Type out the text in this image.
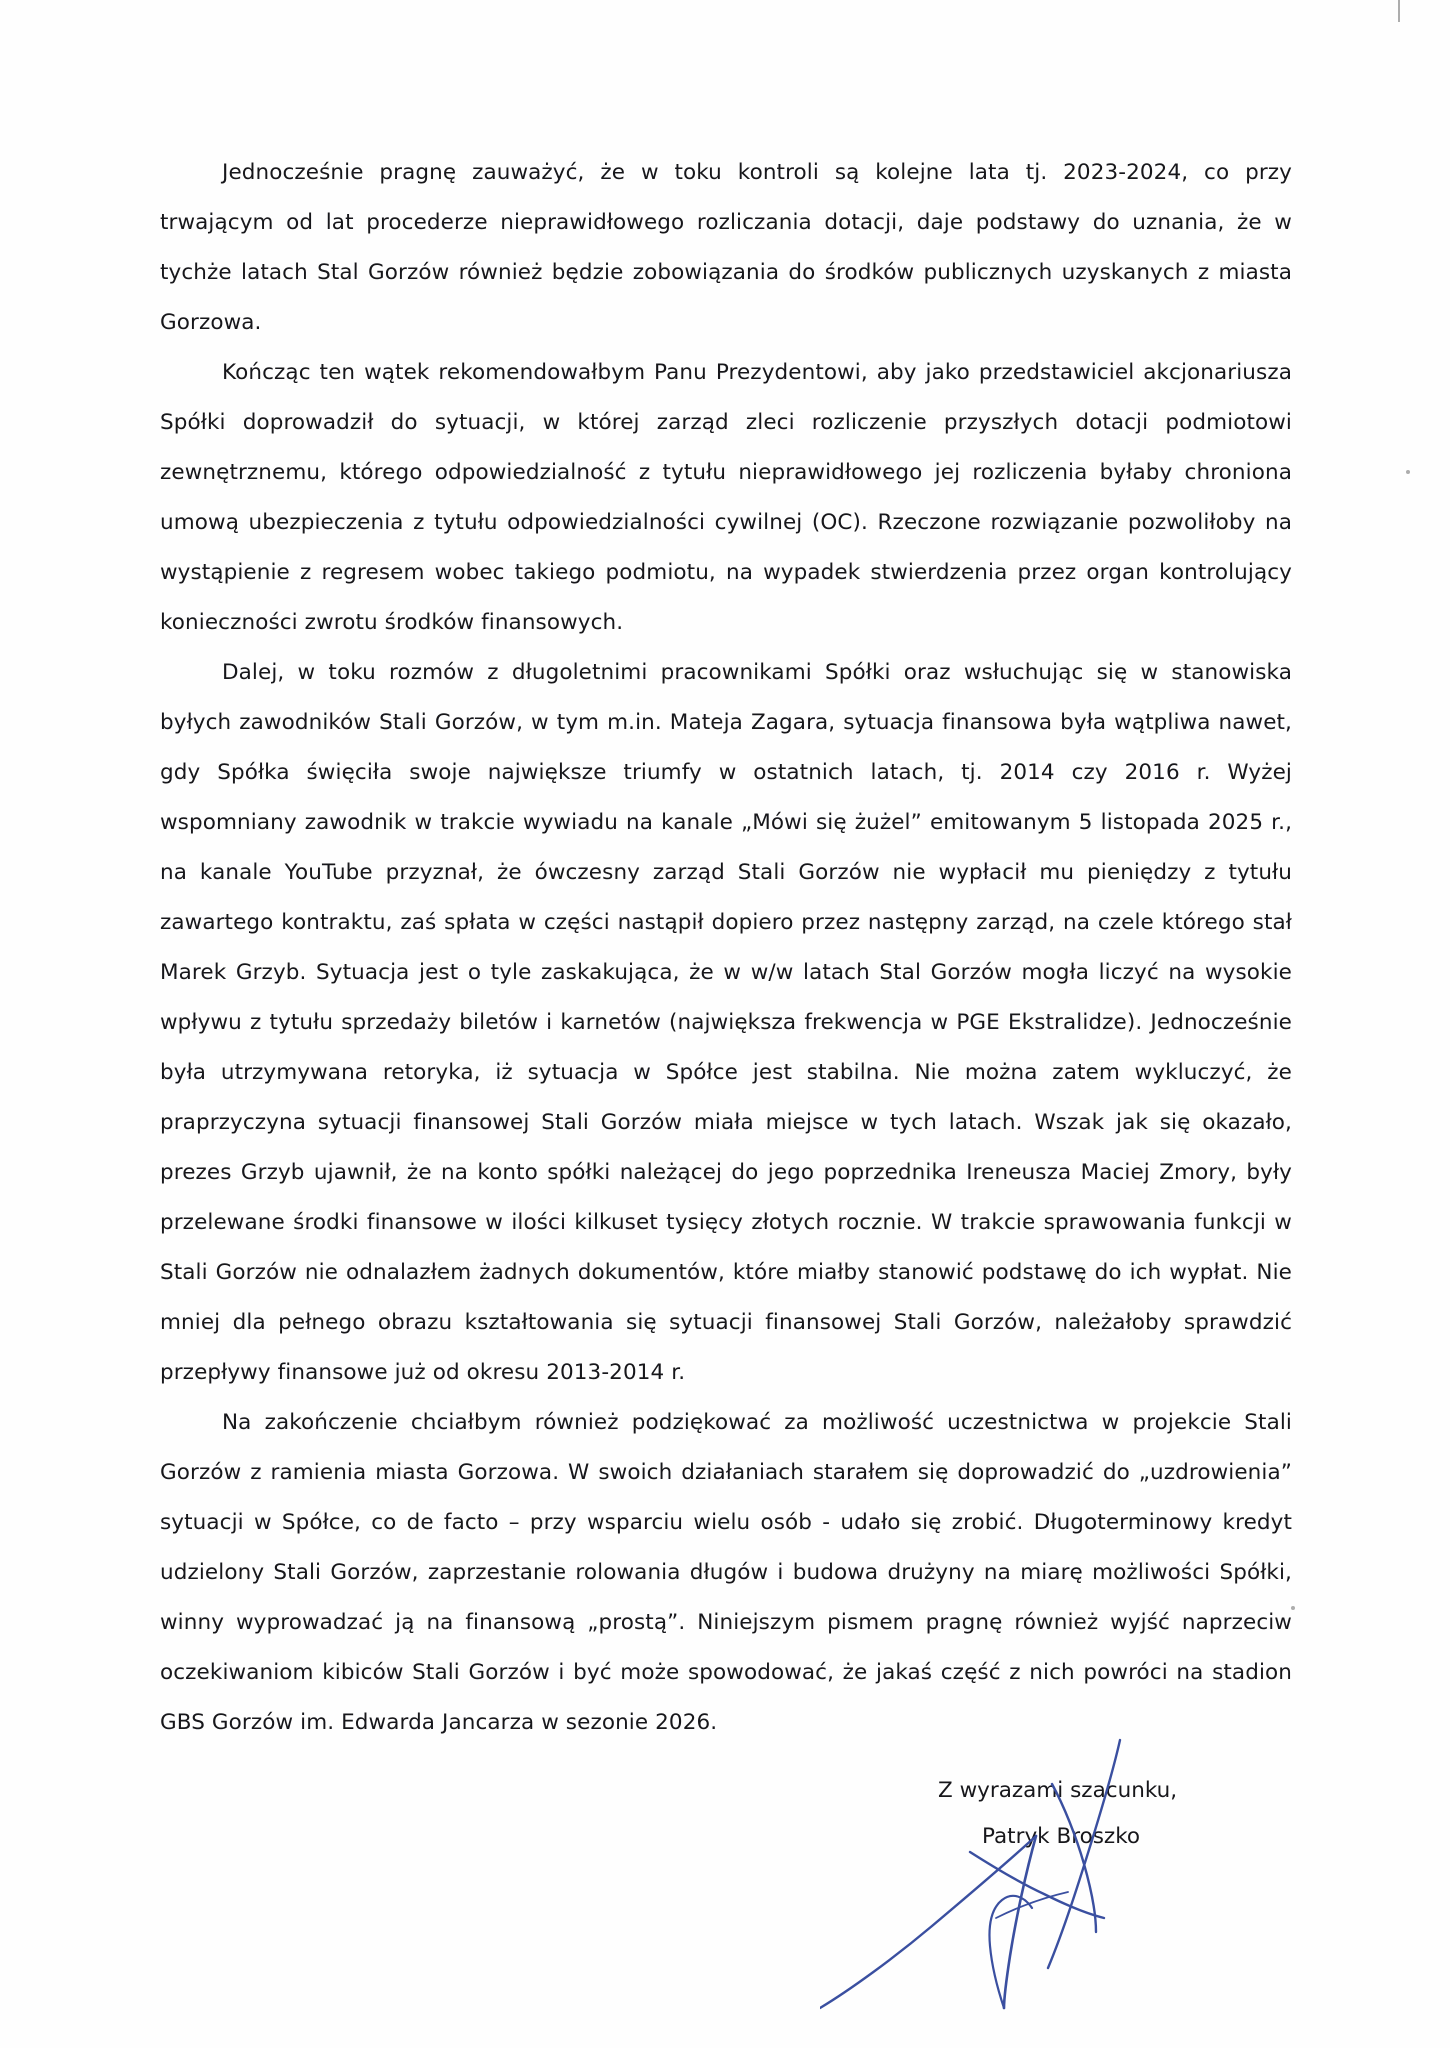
Jednocześnie pragnę zauważyć, że w toku kontroli są kolejne lata tj. 2023-2024, co przy trwającym od lat procederze nieprawidłowego rozliczania dotacji, daje podstawy do uznania, że w tychże latach Stal Gorzów również będzie zobowiązania do środków publicznych uzyskanych z miasta Gorzowa.

Kończąc ten wątek rekomendowałbym Panu Prezydentowi, aby jako przedstawiciel akcjonariusza Spółki doprowadził do sytuacji, w której zarząd zleci rozliczenie przyszłych dotacji podmiotowi zewnętrznemu, którego odpowiedzialność z tytułu nieprawidłowego jej rozliczenia byłaby chroniona umową ubezpieczenia z tytułu odpowiedzialności cywilnej (OC). Rzeczone rozwiązanie pozwoliłoby na wystąpienie z regresem wobec takiego podmiotu, na wypadek stwierdzenia przez organ kontrolujący konieczności zwrotu środków finansowych.

Dalej, w toku rozmów z długoletnimi pracownikami Spółki oraz wsłuchując się w stanowiska byłych zawodników Stali Gorzów, w tym m.in. Mateja Zagara, sytuacja finansowa była wątpliwa nawet, gdy Spółka święciła swoje największe triumfy w ostatnich latach, tj. 2014 czy 2016 r. Wyżej wspomniany zawodnik w trakcie wywiadu na kanale „Mówi się żużel” emitowanym 5 listopada 2025 r., na kanale YouTube przyznał, że ówczesny zarząd Stali Gorzów nie wypłacił mu pieniędzy z tytułu zawartego kontraktu, zaś spłata w części nastąpił dopiero przez następny zarząd, na czele którego stał Marek Grzyb. Sytuacja jest o tyle zaskakująca, że w w/w latach Stal Gorzów mogła liczyć na wysokie wpływu z tytułu sprzedaży biletów i karnetów (największa frekwencja w PGE Ekstralidze). Jednocześnie była utrzymywana retoryka, iż sytuacja w Spółce jest stabilna. Nie można zatem wykluczyć, że praprzyczyna sytuacji finansowej Stali Gorzów miała miejsce w tych latach. Wszak jak się okazało, prezes Grzyb ujawnił, że na konto spółki należącej do jego poprzednika Ireneusza Maciej Zmory, były przelewane środki finansowe w ilości kilkuset tysięcy złotych rocznie. W trakcie sprawowania funkcji w Stali Gorzów nie odnalazłem żadnych dokumentów, które miałby stanowić podstawę do ich wypłat. Nie mniej dla pełnego obrazu kształtowania się sytuacji finansowej Stali Gorzów, należałoby sprawdzić przepływy finansowe już od okresu 2013-2014 r.

Na zakończenie chciałbym również podziękować za możliwość uczestnictwa w projekcie Stali Gorzów z ramienia miasta Gorzowa. W swoich działaniach starałem się doprowadzić do „uzdrowienia” sytuacji w Spółce, co de facto – przy wsparciu wielu osób - udało się zrobić. Długoterminowy kredyt udzielony Stali Gorzów, zaprzestanie rolowania długów i budowa drużyny na miarę możliwości Spółki, winny wyprowadzać ją na finansową „prostą”. Niniejszym pismem pragnę również wyjść naprzeciw oczekiwaniom kibiców Stali Gorzów i być może spowodować, że jakaś część z nich powróci na stadion GBS Gorzów im. Edwarda Jancarza w sezonie 2026.

Z wyrazami szacunku,
Patryk Broszko
